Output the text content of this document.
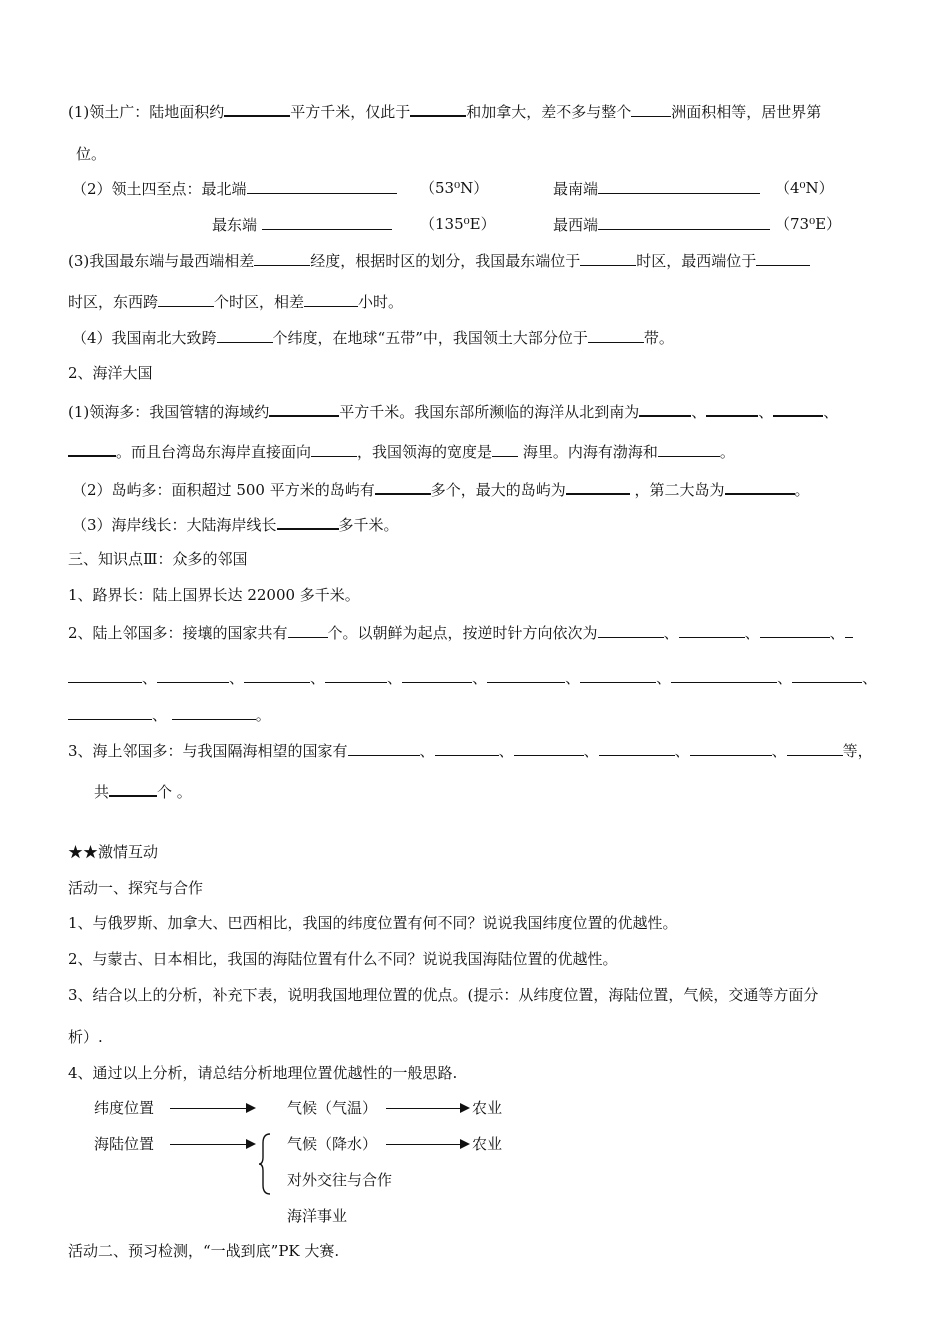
(1)领土广：陆地面积约	平方千米，仅此于	和加拿大，差不多与整个	洲面积相等，居世界第
位。
（2）领土四至点：最北端	（53⁰N）	最南端	（4⁰N）
最东端	（135⁰E）	最西端	（73⁰E）
(3)我国最东端与最西端相差	经度，根据时区的划分，我国最东端位于	时区，最西端位于
时区，东西跨	个时区，相差	小时。
（4）我国南北大致跨	个纬度，在地球“五带”中，我国领土大部分位于	带。
2、海洋大国
(1)领海多：我国管辖的海域约	平方千米。我国东部所濒临的海洋从北到南为	、	、	、
。而且台湾岛东海岸直接面向	，我国领海的宽度是 海里。内海有渤海和	。
（2）岛屿多：面积超过 500 平方米的岛屿有	多个，最大的岛屿为	，第二大岛为	。
（3）海岸线长：大陆海岸线长	多千米。
三、知识点Ⅲ：众多的邻国
1、路界长：陆上国界长达 22000 多千米。
2、陆上邻国多：接壤的国家共有	个。以朝鲜为起点，按逆时针方向依次为	、	、	、
、	、	、	、	、	、	、	、	、
、	。
3、海上邻国多：与我国隔海相望的国家有	、	、	、	、	、	等，
共	个 。
★★激情互动
活动一、探究与合作
1、与俄罗斯、加拿大、巴西相比，我国的纬度位置有何不同？说说我国纬度位置的优越性。
2、与蒙古、日本相比，我国的海陆位置有什么不同？说说我国海陆位置的优越性。
3、结合以上的分析，补充下表，说明我国地理位置的优点。(提示：从纬度位置，海陆位置，气候，交通等方面分
析）.
4、通过以上分析，请总结分析地理位置优越性的一般思路.
纬度位置	气候（气温）	农业
海陆位置	气候（降水）	农业
对外交往与合作
海洋事业
活动二、预习检测，“一战到底”PK 大赛.
